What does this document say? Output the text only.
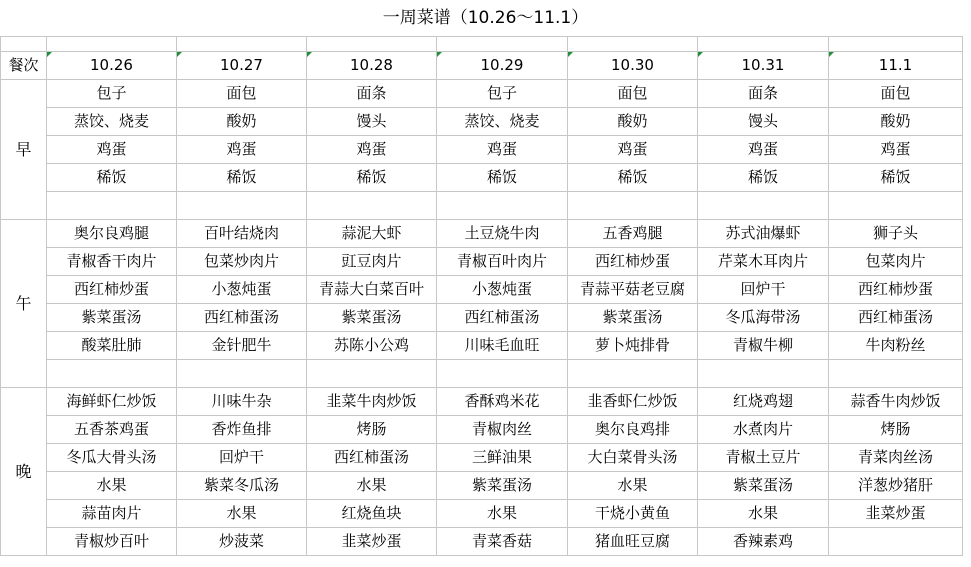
一周菜谱（10.26～11.1）

餐次	10.26	10.27	10.28	10.29	10.30	10.31	11.1
早	包子	面包	面条	包子	面包	面条	面包
	蒸饺、烧麦	酸奶	馒头	蒸饺、烧麦	酸奶	馒头	酸奶
	鸡蛋	鸡蛋	鸡蛋	鸡蛋	鸡蛋	鸡蛋	鸡蛋
	稀饭	稀饭	稀饭	稀饭	稀饭	稀饭	稀饭

午	奥尔良鸡腿	百叶结烧肉	蒜泥大虾	土豆烧牛肉	五香鸡腿	苏式油爆虾	狮子头
	青椒香干肉片	包菜炒肉片	豇豆肉片	青椒百叶肉片	西红柿炒蛋	芹菜木耳肉片	包菜肉片
	西红柿炒蛋	小葱炖蛋	青蒜大白菜百叶	小葱炖蛋	青蒜平菇老豆腐	回炉干	西红柿炒蛋
	紫菜蛋汤	西红柿蛋汤	紫菜蛋汤	西红柿蛋汤	紫菜蛋汤	冬瓜海带汤	西红柿蛋汤
	酸菜肚肺	金针肥牛	苏陈小公鸡	川味毛血旺	萝卜炖排骨	青椒牛柳	牛肉粉丝

晚	海鲜虾仁炒饭	川味牛杂	韭菜牛肉炒饭	香酥鸡米花	韭香虾仁炒饭	红烧鸡翅	蒜香牛肉炒饭
	五香茶鸡蛋	香炸鱼排	烤肠	青椒肉丝	奥尔良鸡排	水煮肉片	烤肠
	冬瓜大骨头汤	回炉干	西红柿蛋汤	三鲜油果	大白菜骨头汤	青椒土豆片	青菜肉丝汤
	水果	紫菜冬瓜汤	水果	紫菜蛋汤	水果	紫菜蛋汤	洋葱炒猪肝
	蒜苗肉片	水果	红烧鱼块	水果	干烧小黄鱼	水果	韭菜炒蛋
	青椒炒百叶	炒菠菜	韭菜炒蛋	青菜香菇	猪血旺豆腐	香辣素鸡	
